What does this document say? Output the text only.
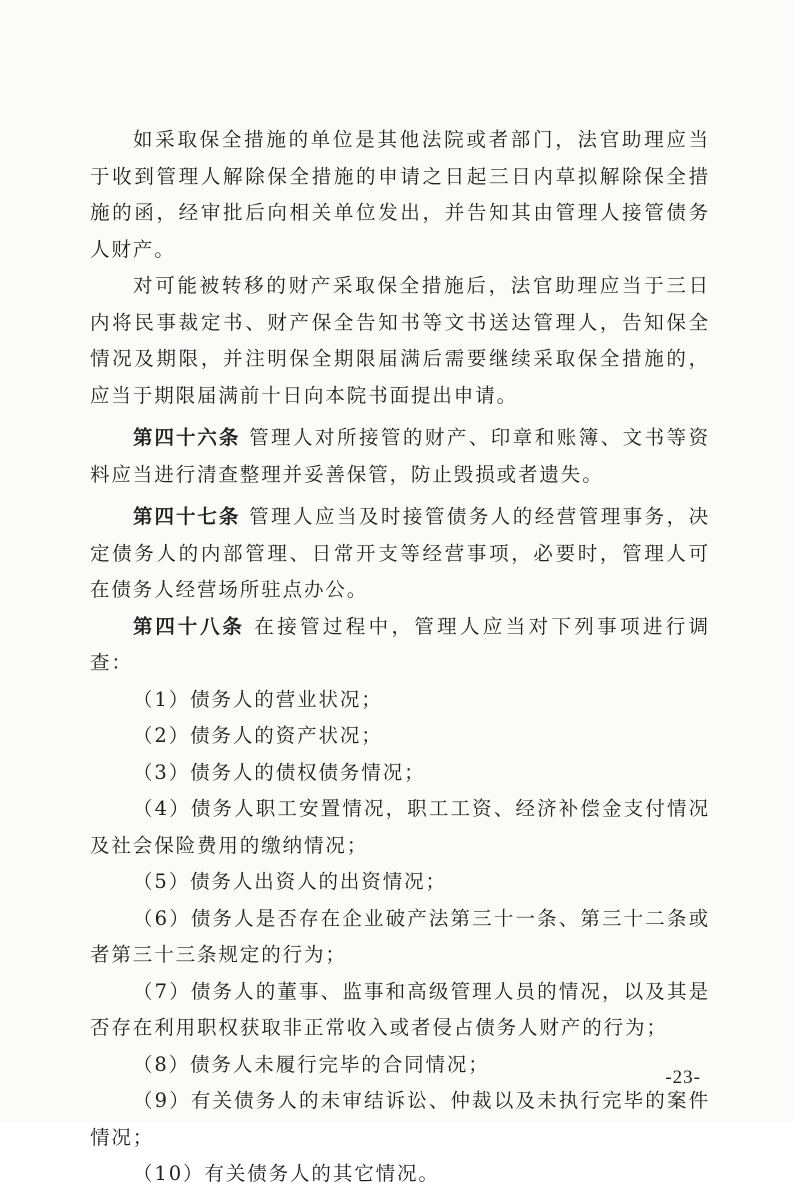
如采取保全措施的单位是其他法院或者部门，法官助理应当于收到管理人解除保全措施的申请之日起三日内草拟解除保全措施的函，经审批后向相关单位发出，并告知其由管理人接管债务人财产。

对可能被转移的财产采取保全措施后，法官助理应当于三日内将民事裁定书、财产保全告知书等文书送达管理人，告知保全情况及期限，并注明保全期限届满后需要继续采取保全措施的，应当于期限届满前十日向本院书面提出申请。

第四十六条 管理人对所接管的财产、印章和账簿、文书等资料应当进行清查整理并妥善保管，防止毁损或者遗失。

第四十七条 管理人应当及时接管债务人的经营管理事务，决定债务人的内部管理、日常开支等经营事项，必要时，管理人可在债务人经营场所驻点办公。

第四十八条 在接管过程中，管理人应当对下列事项进行调查：

（1）债务人的营业状况；

（2）债务人的资产状况；

（3）债务人的债权债务情况；

（4）债务人职工安置情况，职工工资、经济补偿金支付情况及社会保险费用的缴纳情况；

（5）债务人出资人的出资情况；

（6）债务人是否存在企业破产法第三十一条、第三十二条或者第三十三条规定的行为；

（7）债务人的董事、监事和高级管理人员的情况，以及其是否存在利用职权获取非正常收入或者侵占债务人财产的行为；

（8）债务人未履行完毕的合同情况；

（9）有关债务人的未审结诉讼、仲裁以及未执行完毕的案件情况；

（10）有关债务人的其它情况。

-23-
